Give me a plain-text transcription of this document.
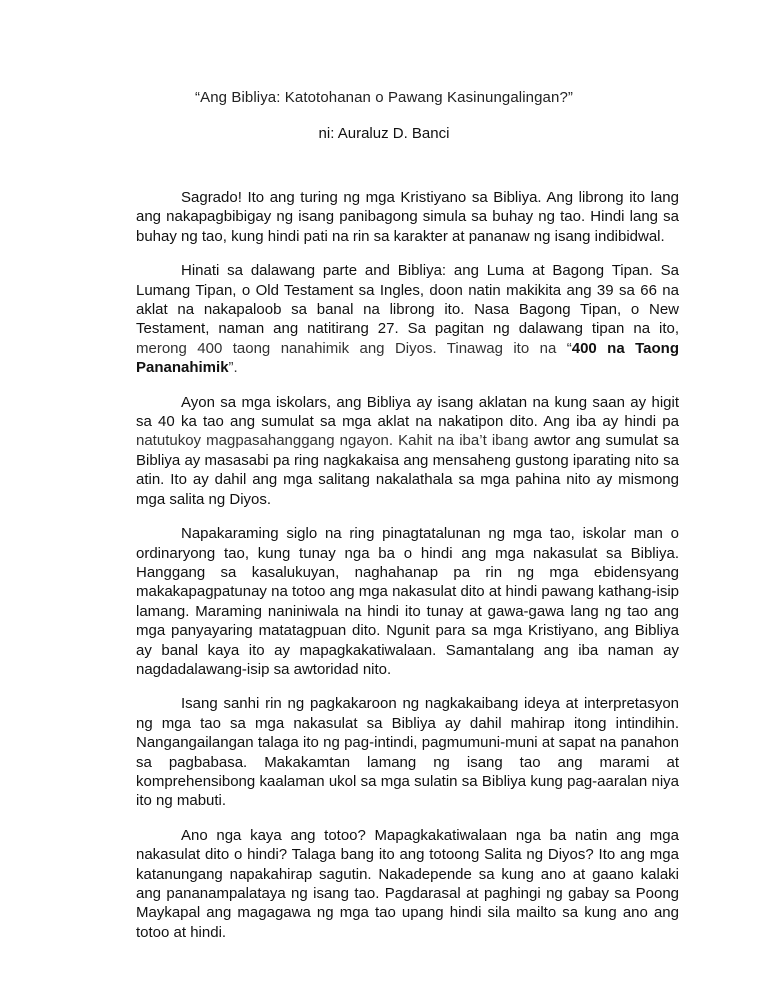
“Ang Bibliya: Katotohanan o Pawang Kasinungalingan?”
ni: Auraluz D. Banci

Sagrado! Ito ang turing ng mga Kristiyano sa Bibliya. Ang librong ito lang ang nakapagbibigay ng isang panibagong simula sa buhay ng tao. Hindi lang sa buhay ng tao, kung hindi pati na rin sa karakter at pananaw ng isang indibidwal.

Hinati sa dalawang parte and Bibliya: ang Luma at Bagong Tipan. Sa Lumang Tipan, o Old Testament sa Ingles, doon natin makikita ang 39 sa 66 na aklat na nakapaloob sa banal na librong ito. Nasa Bagong Tipan, o New Testament, naman ang natitirang 27. Sa pagitan ng dalawang tipan na ito, merong 400 taong nanahimik ang Diyos. Tinawag ito na “400 na Taong Pananahimik”.

Ayon sa mga iskolars, ang Bibliya ay isang aklatan na kung saan ay higit sa 40 ka tao ang sumulat sa mga aklat na nakatipon dito. Ang iba ay hindi pa natutukoy magpasahanggang ngayon. Kahit na iba’t ibang awtor ang sumulat sa Bibliya ay masasabi pa ring nagkakaisa ang mensaheng gustong iparating nito sa atin. Ito ay dahil ang mga salitang nakalathala sa mga pahina nito ay mismong mga salita ng Diyos.

Napakaraming siglo na ring pinagtatalunan ng mga tao, iskolar man o ordinaryong tao, kung tunay nga ba o hindi ang mga nakasulat sa Bibliya. Hanggang sa kasalukuyan, naghahanap pa rin ng mga ebidensyang makakapagpatunay na totoo ang mga nakasulat dito at hindi pawang kathang-isip lamang. Maraming naniniwala na hindi ito tunay at gawa-gawa lang ng tao ang mga panyayaring matatagpuan dito. Ngunit para sa mga Kristiyano, ang Bibliya ay banal kaya ito ay mapagkakatiwalaan. Samantalang ang iba naman ay nagdadalawang-isip sa awtoridad nito.

Isang sanhi rin ng pagkakaroon ng nagkakaibang ideya at interpretasyon ng mga tao sa mga nakasulat sa Bibliya ay dahil mahirap itong intindihin. Nangangailangan talaga ito ng pag-intindi, pagmumuni-muni at sapat na panahon sa pagbabasa. Makakamtan lamang ng isang tao ang marami at komprehensibong kaalaman ukol sa mga sulatin sa Bibliya kung pag-aaralan niya ito ng mabuti.

Ano nga kaya ang totoo? Mapagkakatiwalaan nga ba natin ang mga nakasulat dito o hindi? Talaga bang ito ang totoong Salita ng Diyos? Ito ang mga katanungang napakahirap sagutin. Nakadepende sa kung ano at gaano kalaki ang pananampalataya ng isang tao. Pagdarasal at paghingi ng gabay sa Poong Maykapal ang magagawa ng mga tao upang hindi sila mailto sa kung ano ang totoo at hindi.
